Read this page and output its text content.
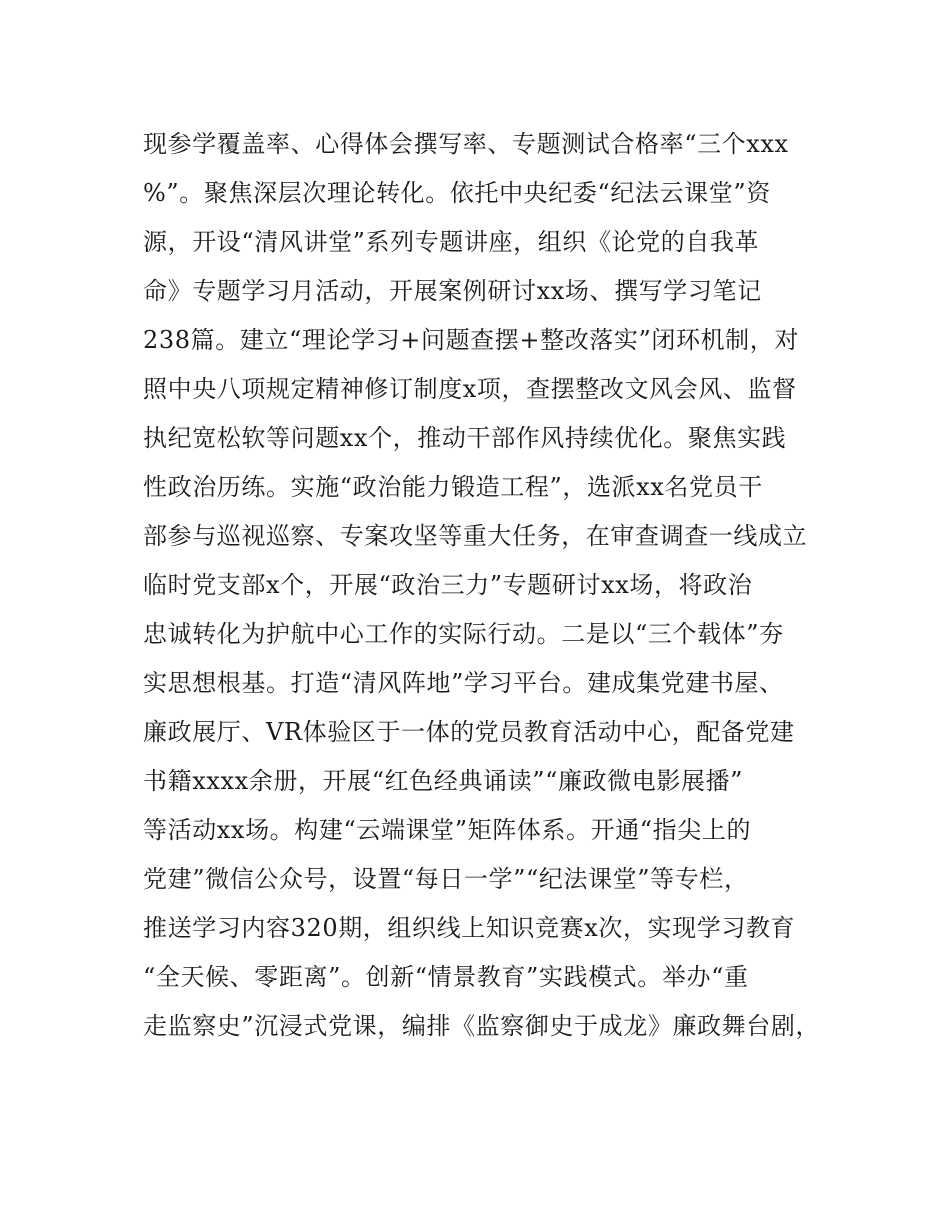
现参学覆盖率、心得体会撰写率、专题测试合格率“三个xxx
%”。聚焦深层次理论转化。依托中央纪委“纪法云课堂”资
源，开设“清风讲堂”系列专题讲座，组织《论党的自我革
命》专题学习月活动，开展案例研讨xx场、撰写学习笔记
238篇。建立“理论学习+问题查摆+整改落实”闭环机制，对
照中央八项规定精神修订制度x项，查摆整改文风会风、监督
执纪宽松软等问题xx个，推动干部作风持续优化。聚焦实践
性政治历练。实施“政治能力锻造工程”，选派xx名党员干
部参与巡视巡察、专案攻坚等重大任务，在审查调查一线成立
临时党支部x个，开展“政治三力”专题研讨xx场，将政治
忠诚转化为护航中心工作的实际行动。二是以“三个载体”夯
实思想根基。打造“清风阵地”学习平台。建成集党建书屋、
廉政展厅、VR体验区于一体的党员教育活动中心，配备党建
书籍xxxx余册，开展“红色经典诵读”“廉政微电影展播”
等活动xx场。构建“云端课堂”矩阵体系。开通“指尖上的
党建”微信公众号，设置“每日一学”“纪法课堂”等专栏，
推送学习内容320期，组织线上知识竞赛x次，实现学习教育
“全天候、零距离”。创新“情景教育”实践模式。举办“重
走监察史”沉浸式党课，编排《监察御史于成龙》廉政舞台剧，
